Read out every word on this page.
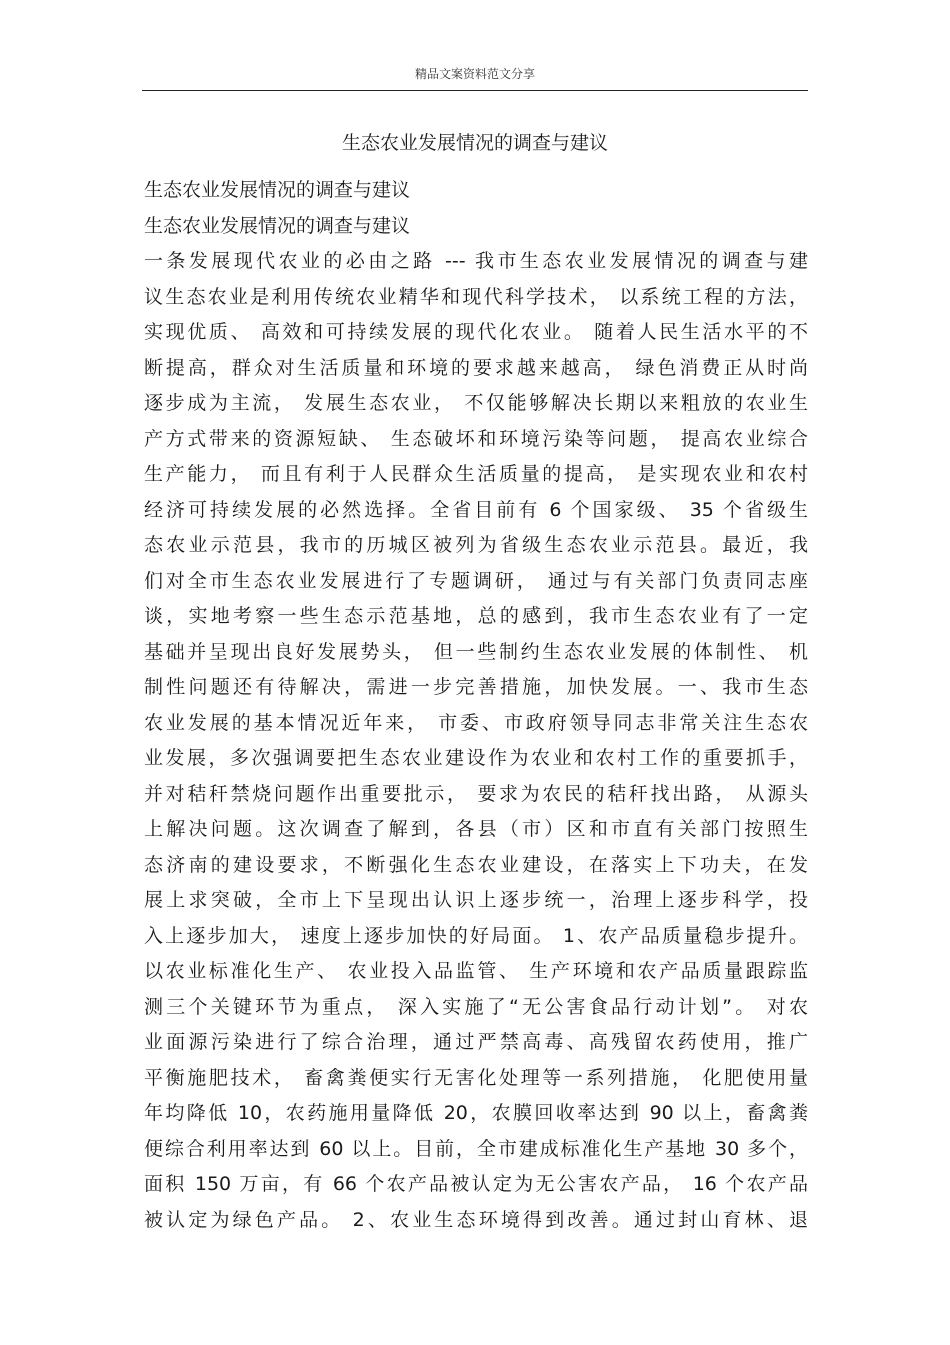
精品文案资料范文分享
生态农业发展情况的调查与建议
生态农业发展情况的调查与建议
生态农业发展情况的调查与建议
一条发展现代农业的必由之路 --- 我市生态农业发展情况的调查与建
议生态农业是利用传统农业精华和现代科学技术， 以系统工程的方法，
实现优质、 高效和可持续发展的现代化农业。 随着人民生活水平的不
断提高，群众对生活质量和环境的要求越来越高， 绿色消费正从时尚
逐步成为主流， 发展生态农业， 不仅能够解决长期以来粗放的农业生
产方式带来的资源短缺、 生态破坏和环境污染等问题， 提高农业综合
生产能力， 而且有利于人民群众生活质量的提高， 是实现农业和农村
经济可持续发展的必然选择。全省目前有 6 个国家级、 35 个省级生
态农业示范县，我市的历城区被列为省级生态农业示范县。最近，我
们对全市生态农业发展进行了专题调研， 通过与有关部门负责同志座
谈，实地考察一些生态示范基地，总的感到，我市生态农业有了一定
基础并呈现出良好发展势头， 但一些制约生态农业发展的体制性、 机
制性问题还有待解决，需进一步完善措施，加快发展。一、我市生态
农业发展的基本情况近年来， 市委、市政府领导同志非常关注生态农
业发展，多次强调要把生态农业建设作为农业和农村工作的重要抓手，
并对秸秆禁烧问题作出重要批示， 要求为农民的秸秆找出路， 从源头
上解决问题。这次调查了解到，各县（市）区和市直有关部门按照生
态济南的建设要求，不断强化生态农业建设，在落实上下功夫，在发
展上求突破，全市上下呈现出认识上逐步统一，治理上逐步科学，投
入上逐步加大， 速度上逐步加快的好局面。 1、农产品质量稳步提升。
以农业标准化生产、 农业投入品监管、 生产环境和农产品质量跟踪监
测三个关键环节为重点， 深入实施了“无公害食品行动计划”。 对农
业面源污染进行了综合治理，通过严禁高毒、高残留农药使用，推广
平衡施肥技术， 畜禽粪便实行无害化处理等一系列措施， 化肥使用量
年均降低 10，农药施用量降低 20，农膜回收率达到 90 以上，畜禽粪
便综合利用率达到 60 以上。目前，全市建成标准化生产基地 30 多个，
面积 150 万亩，有 66 个农产品被认定为无公害农产品， 16 个农产品
被认定为绿色产品。 2、农业生态环境得到改善。通过封山育林、退
